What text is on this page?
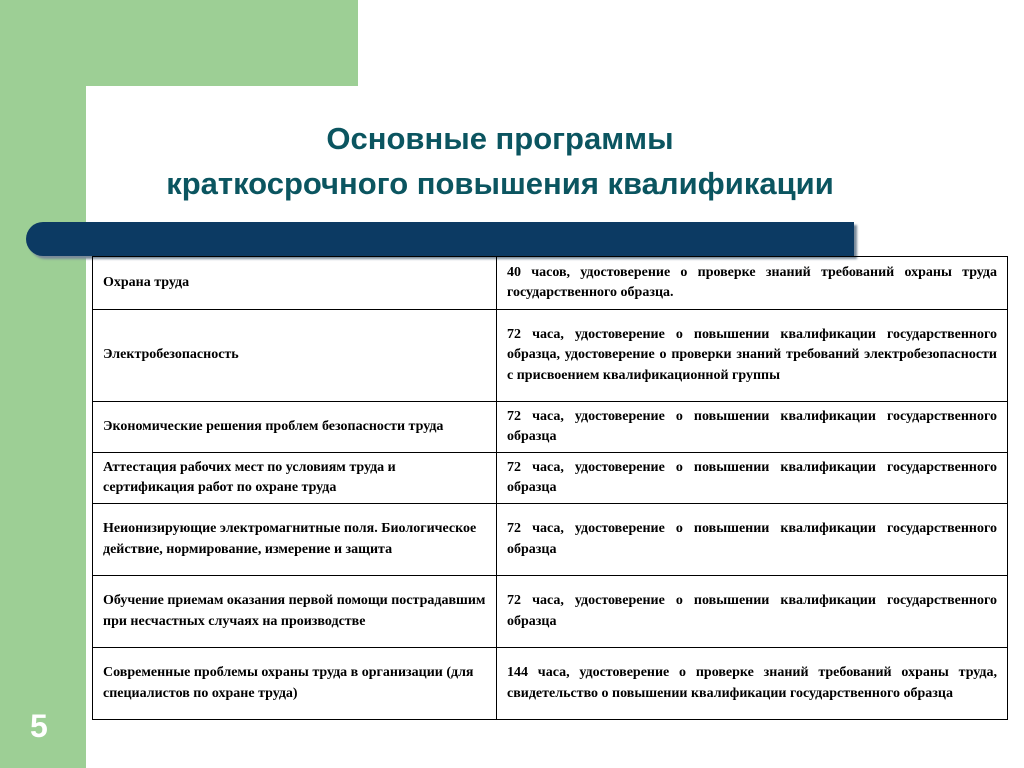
Основные программы
краткосрочного повышения квалификации
Охрана труда	40 часов, удостоверение о проверке знаний требований охраны труда государственного образца.
Электробезопасность	72 часа, удостоверение о повышении квалификации государственного образца, удостоверение о проверки знаний требований электробезопасности с присвоением квалификационной группы
Экономические решения проблем безопасности труда	72 часа, удостоверение о повышении квалификации государственного образца
Аттестация рабочих мест по условиям труда и сертификация работ по охране труда	72 часа, удостоверение о повышении квалификации государственного образца
Неионизирующие электромагнитные поля. Биологическое действие, нормирование, измерение и защита	72 часа, удостоверение о повышении квалификации государственного образца
Обучение приемам оказания первой помощи пострадавшим при несчастных случаях на производстве	72 часа, удостоверение о повышении квалификации государственного образца
Современные проблемы охраны труда в организации (для специалистов по охране труда)	144 часа, удостоверение о проверке знаний требований охраны труда, свидетельство о повышении квалификации государственного образца
5
